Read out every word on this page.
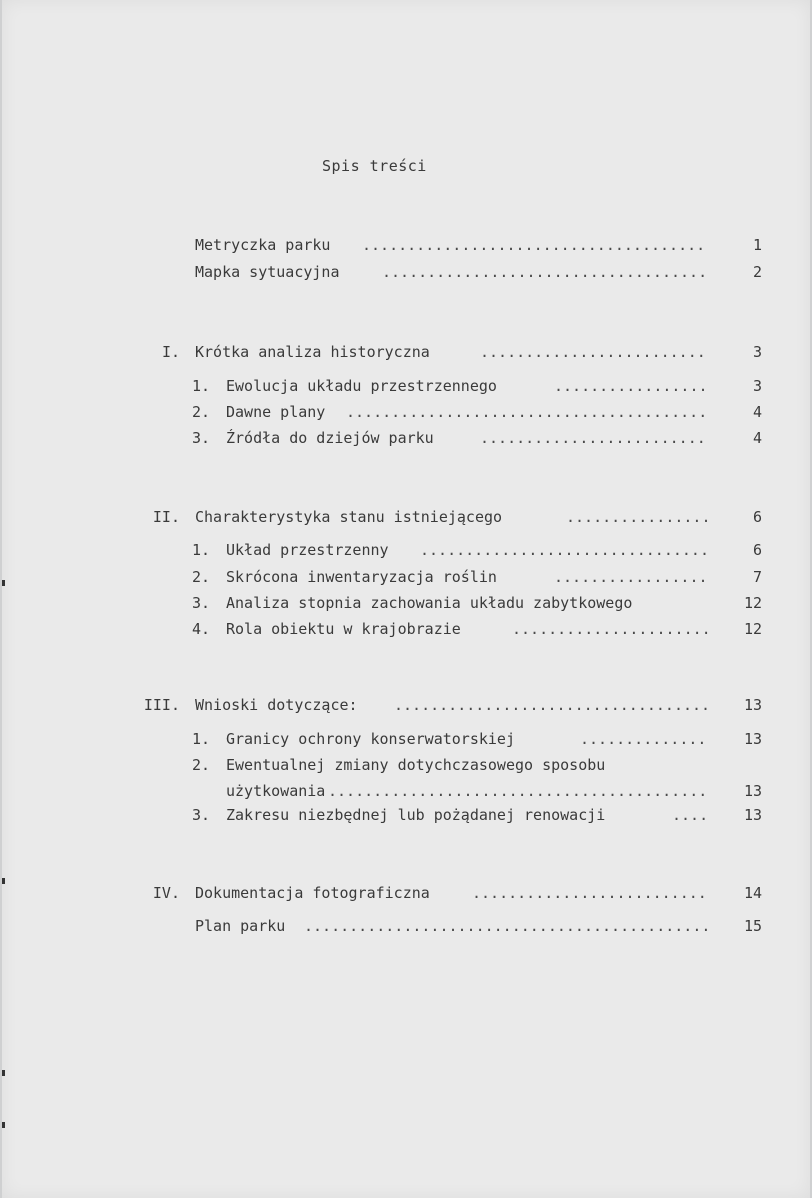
Spis treści
Metryczka parku .....	1
Mapka sytuacyjna .....	2
I. Krótka analiza historyczna .....	3
1. Ewolucja układu przestrzennego .....	3
2. Dawne plany .....	4
3. Źródła do dziejów parku .....	4
II. Charakterystyka stanu istniejącego .....	6
1. Układ przestrzenny .....	6
2. Skrócona inwentaryzacja roślin .....	7
3. Analiza stopnia zachowania układu zabytkowego	12
4. Rola obiektu w krajobrazie .....	12
III. Wnioski dotyczące: .....	13
1. Granicy ochrony konserwatorskiej .....	13
2. Ewentualnej zmiany dotychczasowego sposobu
użytkowania .....	13
3. Zakresu niezbędnej lub pożądanej renowacji .....	13
IV. Dokumentacja fotograficzna .....	14
Plan parku .....	15
